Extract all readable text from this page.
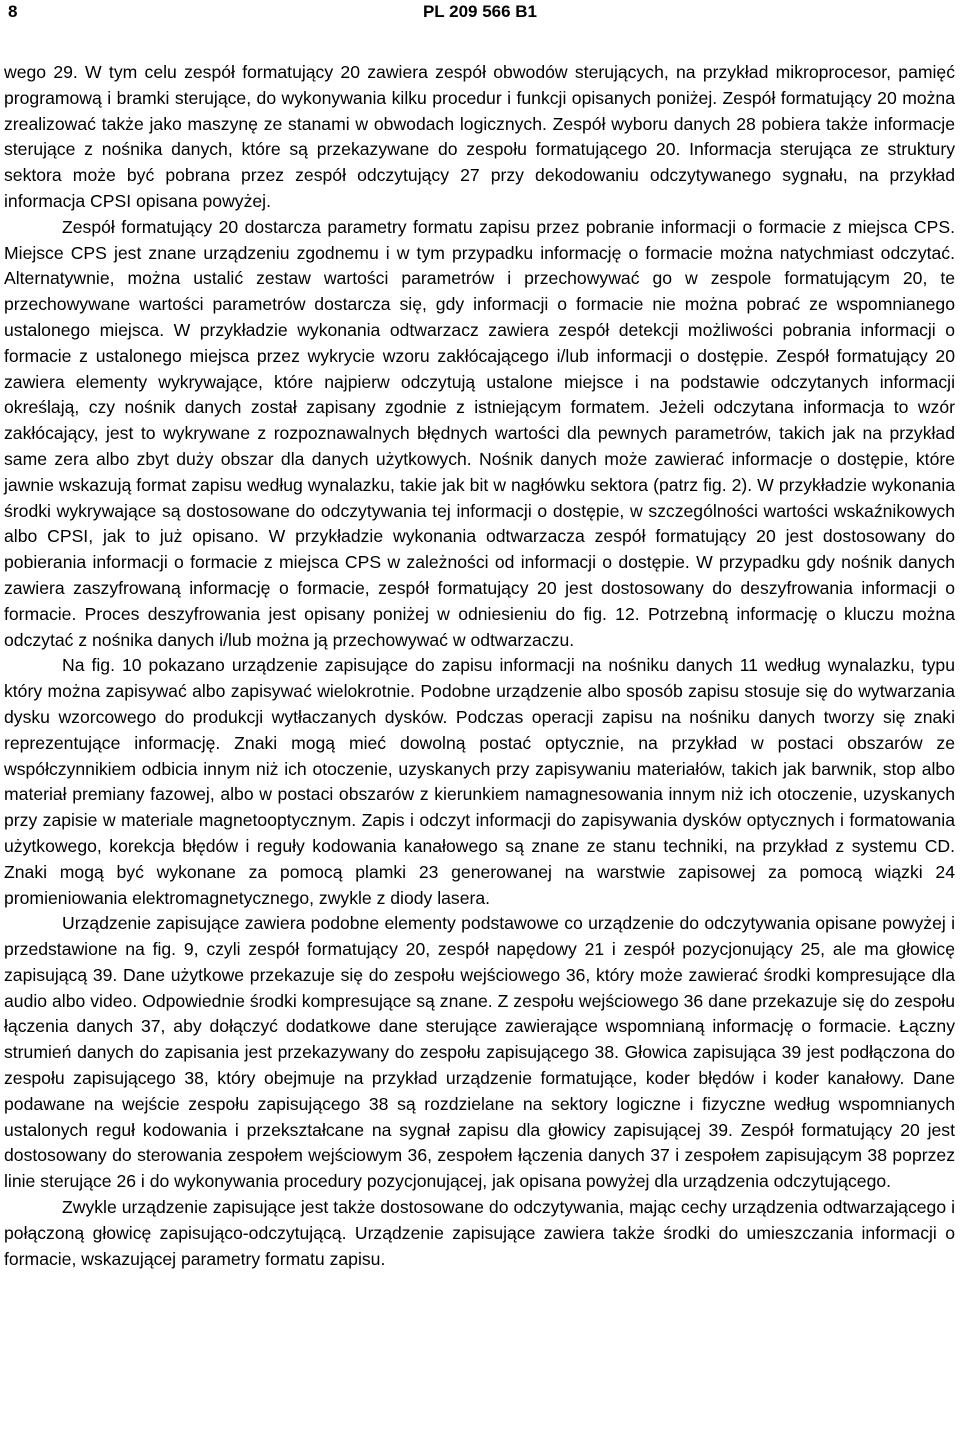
8	PL 209 566 B1

wego 29. W tym celu zespół formatujący 20 zawiera zespół obwodów sterujących, na przykład mikroprocesor, pamięć programową i bramki sterujące, do wykonywania kilku procedur i funkcji opisanych poniżej. Zespół formatujący 20 można zrealizować także jako maszynę ze stanami w obwodach logicznych. Zespół wyboru danych 28 pobiera także informacje sterujące z nośnika danych, które są przekazywane do zespołu formatującego 20. Informacja sterująca ze struktury sektora może być pobrana przez zespół odczytujący 27 przy dekodowaniu odczytywanego sygnału, na przykład informacja CPSI opisana powyżej.

Zespół formatujący 20 dostarcza parametry formatu zapisu przez pobranie informacji o formacie z miejsca CPS. Miejsce CPS jest znane urządzeniu zgodnemu i w tym przypadku informację o formacie można natychmiast odczytać. Alternatywnie, można ustalić zestaw wartości parametrów i przechowywać go w zespole formatującym 20, te przechowywane wartości parametrów dostarcza się, gdy informacji o formacie nie można pobrać ze wspomnianego ustalonego miejsca. W przykładzie wykonania odtwarzacz zawiera zespół detekcji możliwości pobrania informacji o formacie z ustalonego miejsca przez wykrycie wzoru zakłócającego i/lub informacji o dostępie. Zespół formatujący 20 zawiera elementy wykrywające, które najpierw odczytują ustalone miejsce i na podstawie odczytanych informacji określają, czy nośnik danych został zapisany zgodnie z istniejącym formatem. Jeżeli odczytana informacja to wzór zakłócający, jest to wykrywane z rozpoznawalnych błędnych wartości dla pewnych parametrów, takich jak na przykład same zera albo zbyt duży obszar dla danych użytkowych. Nośnik danych może zawierać informacje o dostępie, które jawnie wskazują format zapisu według wynalazku, takie jak bit w nagłówku sektora (patrz fig. 2). W przykładzie wykonania środki wykrywające są dostosowane do odczytywania tej informacji o dostępie, w szczególności wartości wskaźnikowych albo CPSI, jak to już opisano. W przykładzie wykonania odtwarzacza zespół formatujący 20 jest dostosowany do pobierania informacji o formacie z miejsca CPS w zależności od informacji o dostępie. W przypadku gdy nośnik danych zawiera zaszyfrowaną informację o formacie, zespół formatujący 20 jest dostosowany do deszyfrowania informacji o formacie. Proces deszyfrowania jest opisany poniżej w odniesieniu do fig. 12. Potrzebną informację o kluczu można odczytać z nośnika danych i/lub można ją przechowywać w odtwarzaczu.

Na fig. 10 pokazano urządzenie zapisujące do zapisu informacji na nośniku danych 11 według wynalazku, typu który można zapisywać albo zapisywać wielokrotnie. Podobne urządzenie albo sposób zapisu stosuje się do wytwarzania dysku wzorcowego do produkcji wytłaczanych dysków. Podczas operacji zapisu na nośniku danych tworzy się znaki reprezentujące informację. Znaki mogą mieć dowolną postać optycznie, na przykład w postaci obszarów ze współczynnikiem odbicia innym niż ich otoczenie, uzyskanych przy zapisywaniu materiałów, takich jak barwnik, stop albo materiał premiany fazowej, albo w postaci obszarów z kierunkiem namagnesowania innym niż ich otoczenie, uzyskanych przy zapisie w materiale magnetooptycznym. Zapis i odczyt informacji do zapisywania dysków optycznych i formatowania użytkowego, korekcja błędów i reguły kodowania kanałowego są znane ze stanu techniki, na przykład z systemu CD. Znaki mogą być wykonane za pomocą plamki 23 generowanej na warstwie zapisowej za pomocą wiązki 24 promieniowania elektromagnetycznego, zwykle z diody lasera.

Urządzenie zapisujące zawiera podobne elementy podstawowe co urządzenie do odczytywania opisane powyżej i przedstawione na fig. 9, czyli zespół formatujący 20, zespół napędowy 21 i zespół pozycjonujący 25, ale ma głowicę zapisującą 39. Dane użytkowe przekazuje się do zespołu wejściowego 36, który może zawierać środki kompresujące dla audio albo video. Odpowiednie środki kompresujące są znane. Z zespołu wejściowego 36 dane przekazuje się do zespołu łączenia danych 37, aby dołączyć dodatkowe dane sterujące zawierające wspomnianą informację o formacie. Łączny strumień danych do zapisania jest przekazywany do zespołu zapisującego 38. Głowica zapisująca 39 jest podłączona do zespołu zapisującego 38, który obejmuje na przykład urządzenie formatujące, koder błędów i koder kanałowy. Dane podawane na wejście zespołu zapisującego 38 są rozdzielane na sektory logiczne i fizyczne według wspomnianych ustalonych reguł kodowania i przekształcane na sygnał zapisu dla głowicy zapisującej 39. Zespół formatujący 20 jest dostosowany do sterowania zespołem wejściowym 36, zespołem łączenia danych 37 i zespołem zapisującym 38 poprzez linie sterujące 26 i do wykonywania procedury pozycjonującej, jak opisana powyżej dla urządzenia odczytującego.

Zwykle urządzenie zapisujące jest także dostosowane do odczytywania, mając cechy urządzenia odtwarzającego i połączoną głowicę zapisująco-odczytującą. Urządzenie zapisujące zawiera także środki do umieszczania informacji o formacie, wskazującej parametry formatu zapisu.
